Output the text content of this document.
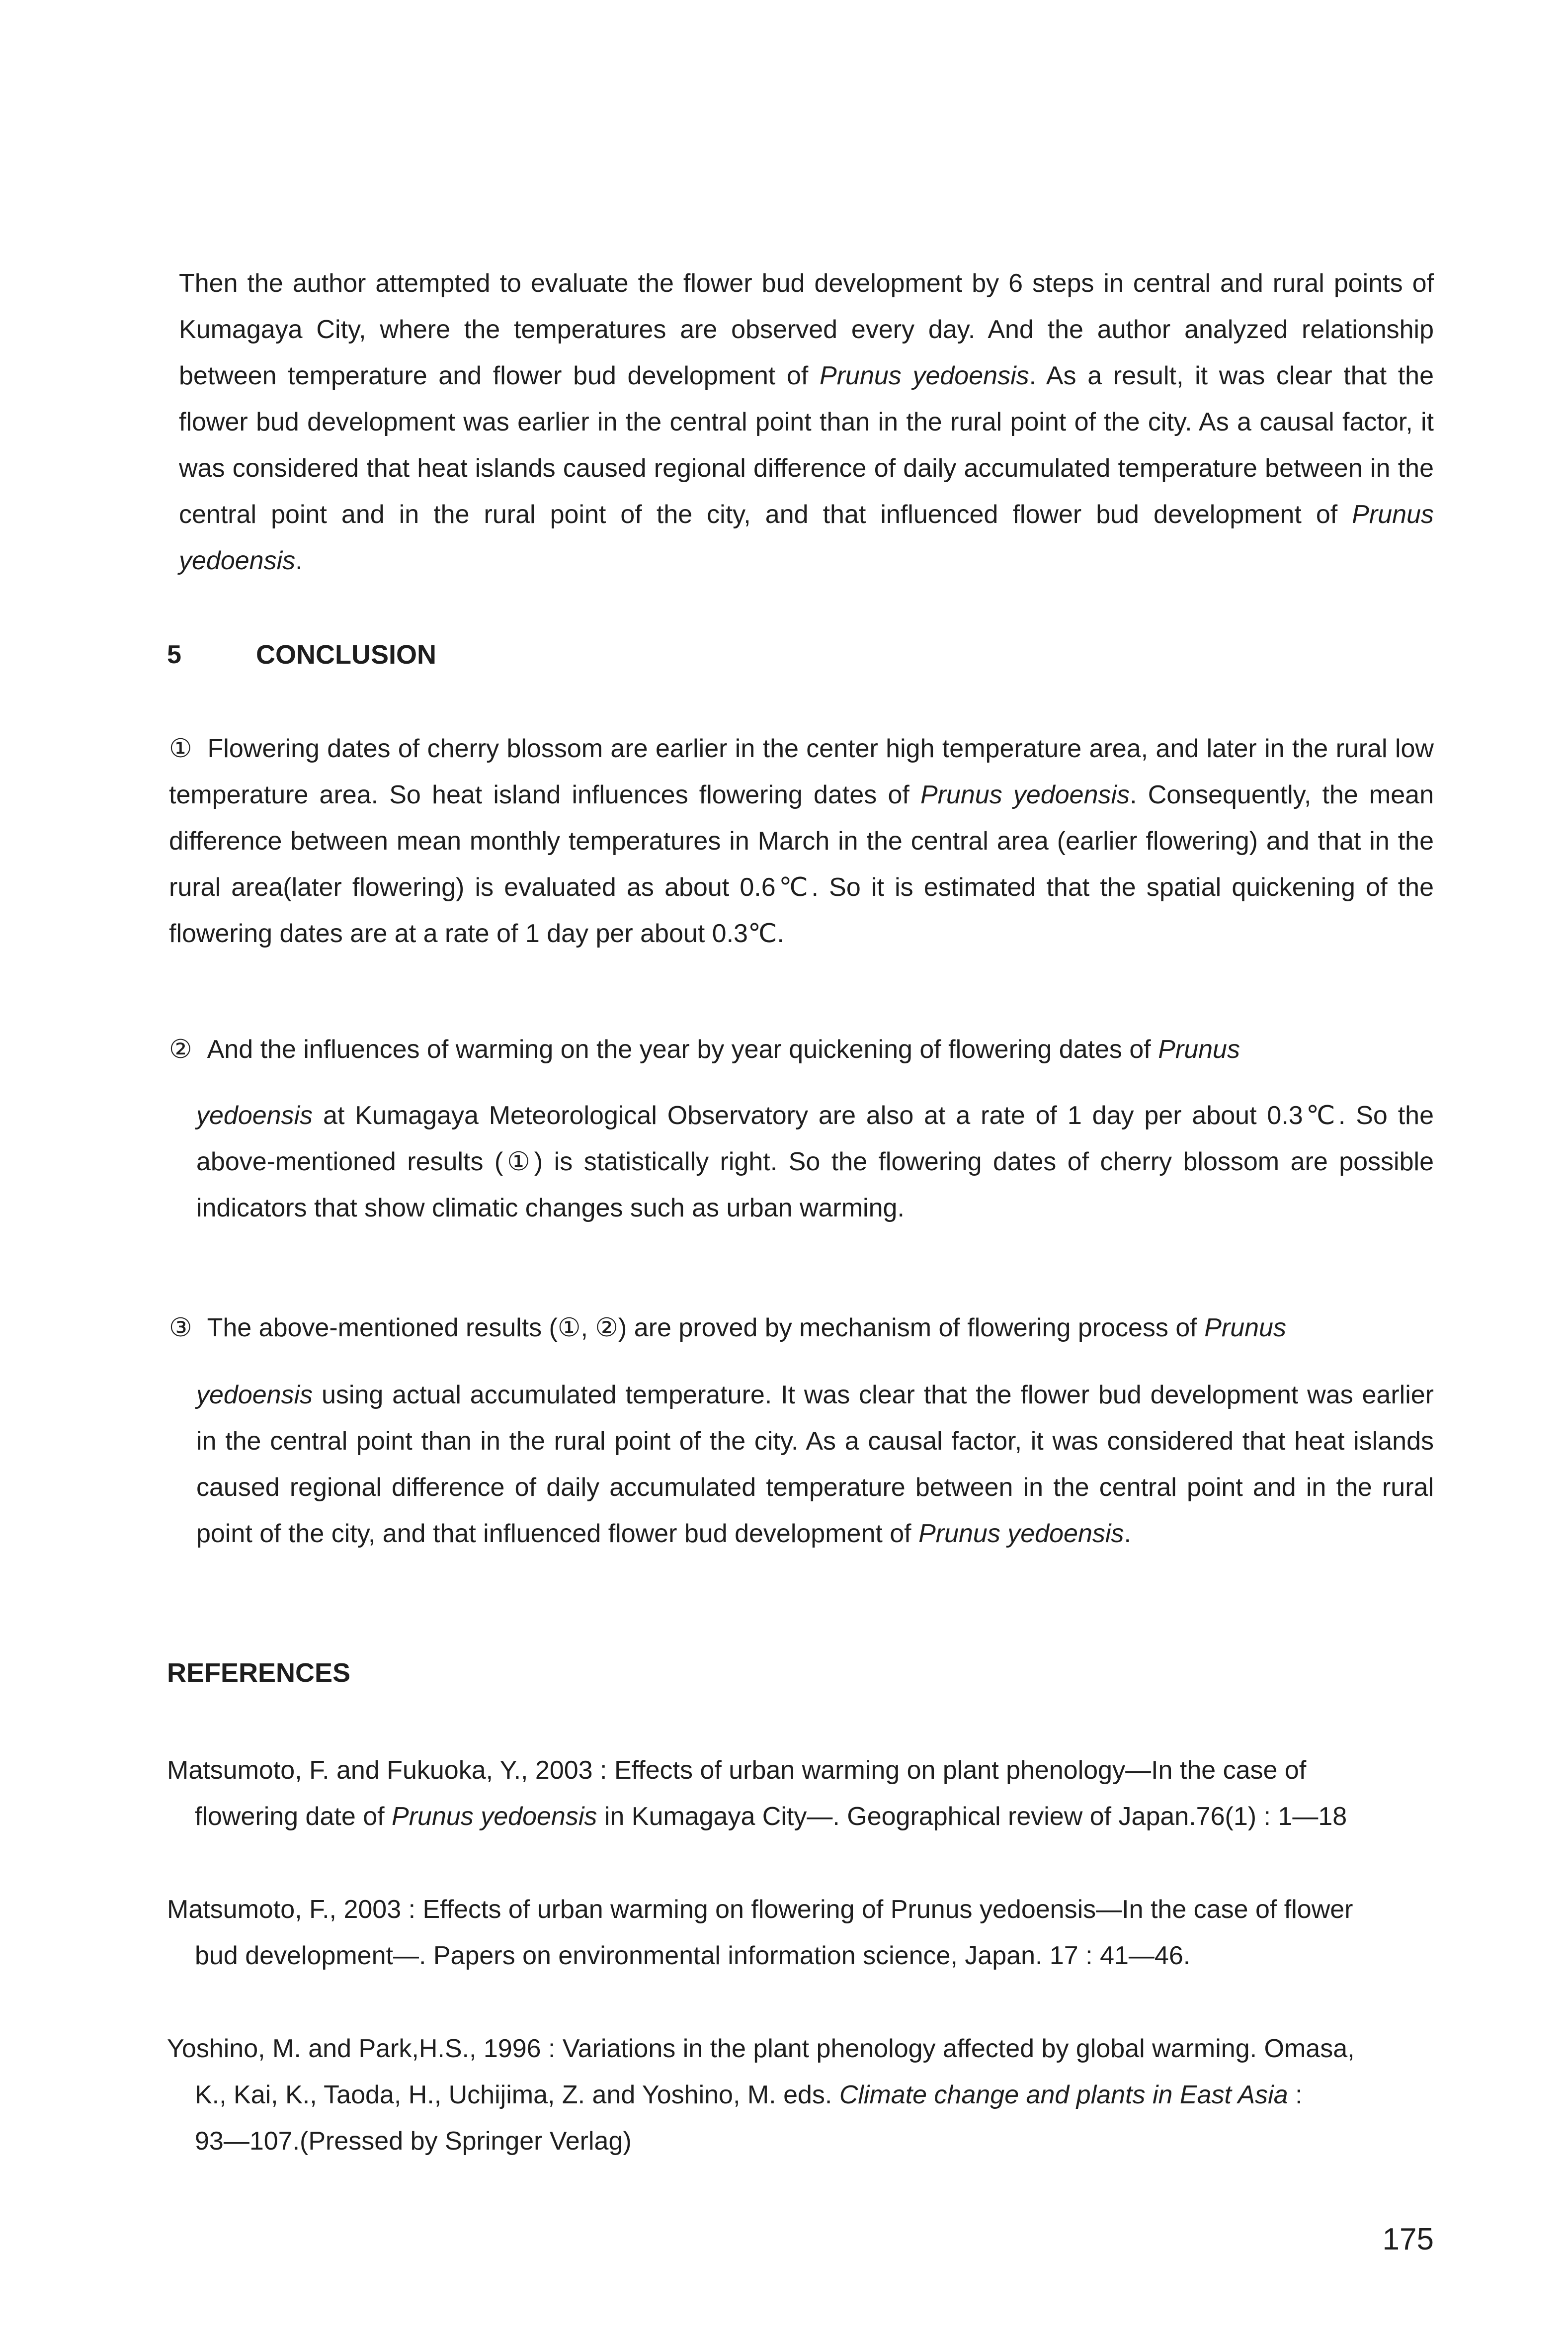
Then the author attempted to evaluate the flower bud development by 6 steps in central and rural points of Kumagaya City, where the temperatures are observed every day. And the author analyzed relationship between temperature and flower bud development of Prunus yedoensis. As a result, it was clear that the flower bud development was earlier in the central point than in the rural point of the city. As a causal factor, it was considered that heat islands caused regional difference of daily accumulated temperature between in the central point and in the rural point of the city, and that influenced flower bud development of Prunus yedoensis.

5	CONCLUSION

① Flowering dates of cherry blossom are earlier in the center high temperature area, and later in the rural low temperature area. So heat island influences flowering dates of Prunus yedoensis. Consequently, the mean difference between mean monthly temperatures in March in the central area (earlier flowering) and that in the rural area(later flowering) is evaluated as about 0.6℃. So it is estimated that the spatial quickening of the flowering dates are at a rate of 1 day per about 0.3℃.

② And the influences of warming on the year by year quickening of flowering dates of Prunus

yedoensis at Kumagaya Meteorological Observatory are also at a rate of 1 day per about 0.3℃. So the above-mentioned results (①) is statistically right. So the flowering dates of cherry blossom are possible indicators that show climatic changes such as urban warming.

③ The above-mentioned results (①, ②) are proved by mechanism of flowering process of Prunus

yedoensis using actual accumulated temperature. It was clear that the flower bud development was earlier in the central point than in the rural point of the city. As a causal factor, it was considered that heat islands caused regional difference of daily accumulated temperature between in the central point and in the rural point of the city, and that influenced flower bud development of Prunus yedoensis.

REFERENCES

Matsumoto, F. and Fukuoka, Y., 2003 : Effects of urban warming on plant phenology―In the case of

flowering date of Prunus yedoensis in Kumagaya City―. Geographical review of Japan.76(1) : 1―18

Matsumoto, F., 2003 : Effects of urban warming on flowering of Prunus yedoensis―In the case of flower

bud development―. Papers on environmental information science, Japan. 17 : 41―46.

Yoshino, M. and Park,H.S., 1996 : Variations in the plant phenology affected by global warming. Omasa,

K., Kai, K., Taoda, H., Uchijima, Z. and Yoshino, M. eds. Climate change and plants in East Asia :

93―107.(Pressed by Springer Verlag)

175
